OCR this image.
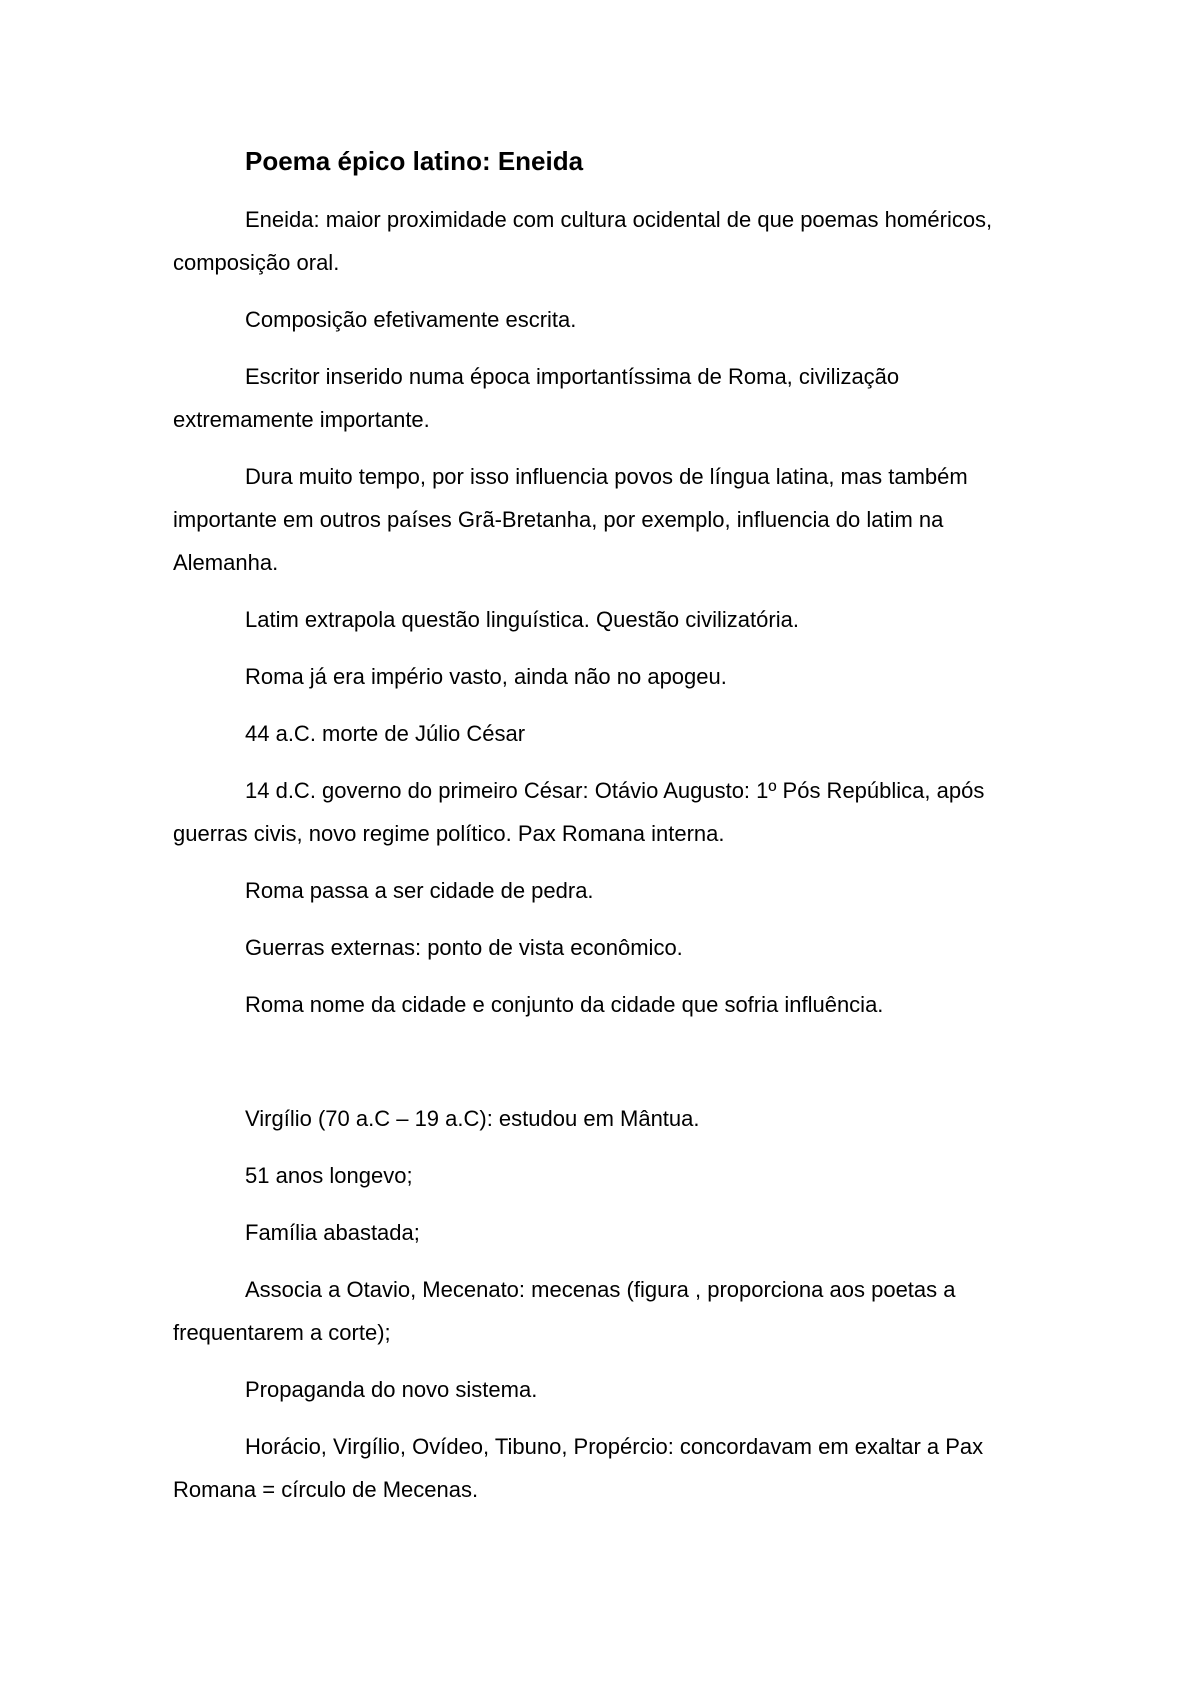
Poema épico latino: Eneida

Eneida: maior proximidade com cultura ocidental de que poemas homéricos, composição oral.

Composição efetivamente escrita.

Escritor inserido numa época importantíssima de Roma, civilização extremamente importante.

Dura muito tempo, por isso influencia povos de língua latina, mas também importante em outros países Grã-Bretanha, por exemplo, influencia do latim na Alemanha.

Latim extrapola questão linguística. Questão civilizatória.

Roma já era império vasto, ainda não no apogeu.

44 a.C. morte de Júlio César

14 d.C. governo do primeiro César: Otávio Augusto: 1º Pós República, após guerras civis, novo regime político. Pax Romana interna.

Roma passa a ser cidade de pedra.

Guerras externas: ponto de vista econômico.

Roma nome da cidade e conjunto da cidade que sofria influência.

Virgílio (70 a.C – 19 a.C): estudou em Mântua.

51 anos longevo;

Família abastada;

Associa a Otavio, Mecenato: mecenas (figura , proporciona aos poetas a frequentarem a corte);

Propaganda do novo sistema.

Horácio, Virgílio, Ovídeo, Tibuno, Propércio: concordavam em exaltar a Pax Romana = círculo de Mecenas.
